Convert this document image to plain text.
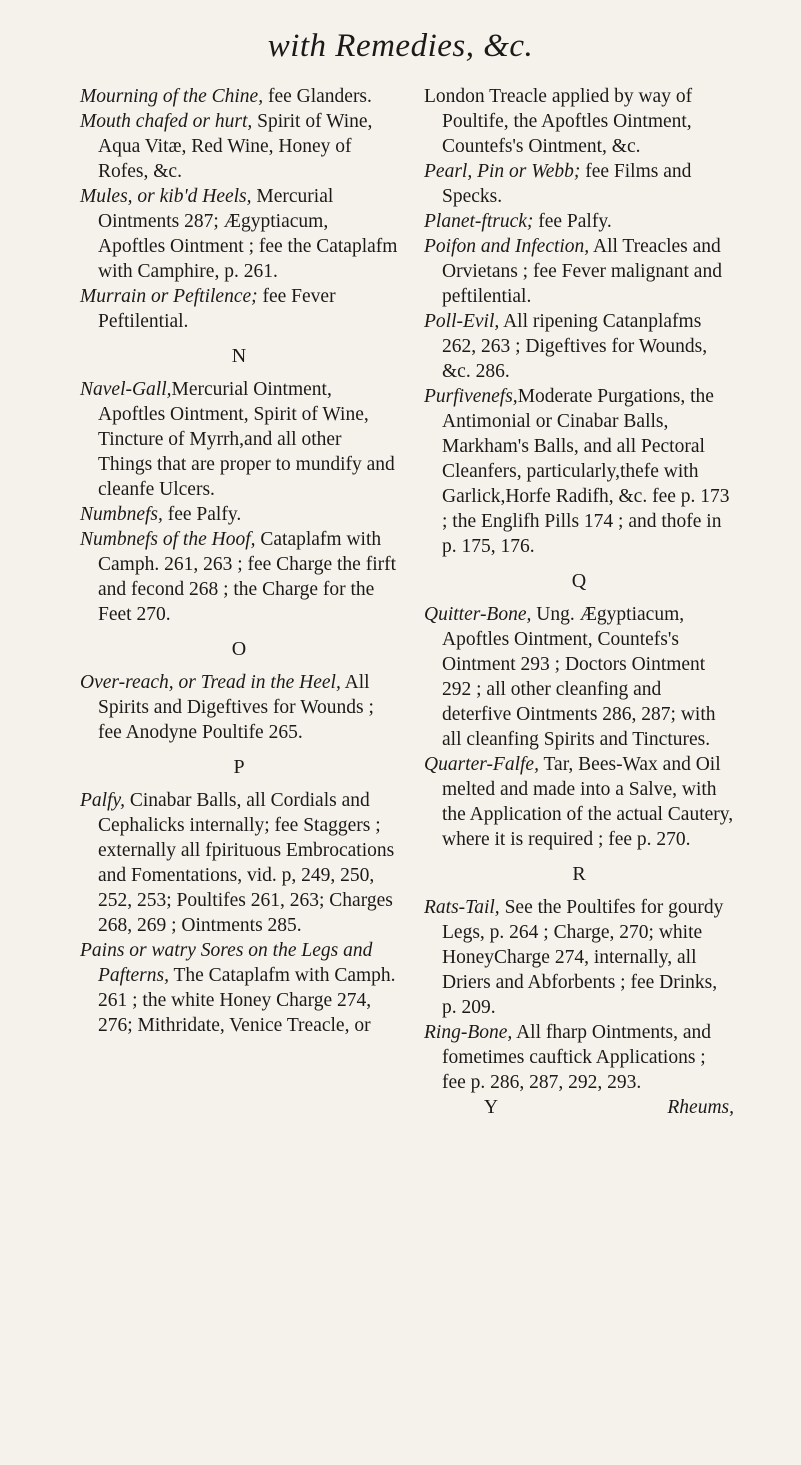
with Remedies, &c.
Mourning of the Chine, fee Glanders.
Mouth chafed or hurt, Spirit of Wine, Aqua Vitæ, Red Wine, Honey of Rofes, &c.
Mules, or kib'd Heels, Mercurial Ointments 287; Ægyptiacum, Apoftles Ointment ; fee the Cataplafm with Camphire, p. 261.
Murrain or Peftilence; fee Fever Peftilential.
N
Navel-Gall,Mercurial Ointment, Apoftles Ointment, Spirit of Wine, Tincture of Myrrh,and all other Things that are proper to mundify and cleanfe Ulcers.
Numbnefs, fee Palfy.
Numbnefs of the Hoof, Cataplafm with Camph. 261, 263 ; fee Charge the firft and fecond 268 ; the Charge for the Feet 270.
O
Over-reach, or Tread in the Heel, All Spirits and Digeftives for Wounds ; fee Anodyne Poultife 265.
P
Palfy, Cinabar Balls, all Cordials and Cephalicks internally; fee Staggers ; externally all fpirituous Embrocations and Fomentations, vid. p, 249, 250, 252, 253; Poultifes 261, 263; Charges 268, 269 ; Ointments 285.
Pains or watry Sores on the Legs and Pafterns, The Cataplafm with Camph. 261 ; the white Honey Charge 274, 276; Mithridate, Venice Treacle, or
London Treacle applied by way of Poultife, the Apoftles Ointment, Countefs's Ointment, &c.
Pearl, Pin or Webb; fee Films and Specks.
Planet-ftruck; fee Palfy.
Poifon and Infection, All Treacles and Orvietans ; fee Fever malignant and peftilential.
Poll-Evil, All ripening Catanplafms 262, 263 ; Digeftives for Wounds, &c. 286.
Purfivenefs,Moderate Purgations, the Antimonial or Cinabar Balls, Markham's Balls, and all Pectoral Cleanfers, particularly,thefe with Garlick,Horfe Radifh, &c. fee p. 173 ; the Englifh Pills 174 ; and thofe in p. 175, 176.
Q
Quitter-Bone, Ung. Ægyptiacum, Apoftles Ointment, Countefs's Ointment 293 ; Doctors Ointment 292 ; all other cleanfing and deterfive Ointments 286, 287; with all cleanfing Spirits and Tinctures.
Quarter-Falfe, Tar, Bees-Wax and Oil melted and made into a Salve, with the Application of the actual Cautery, where it is required ; fee p. 270.
R
Rats-Tail, See the Poultifes for gourdy Legs, p. 264 ; Charge, 270; white HoneyCharge 274, internally, all Driers and Abforbents ; fee Drinks, p. 209.
Ring-Bone, All fharp Ointments, and fometimes cauftick Applications ; fee p. 286, 287, 292, 293.
Y	Rheums,
